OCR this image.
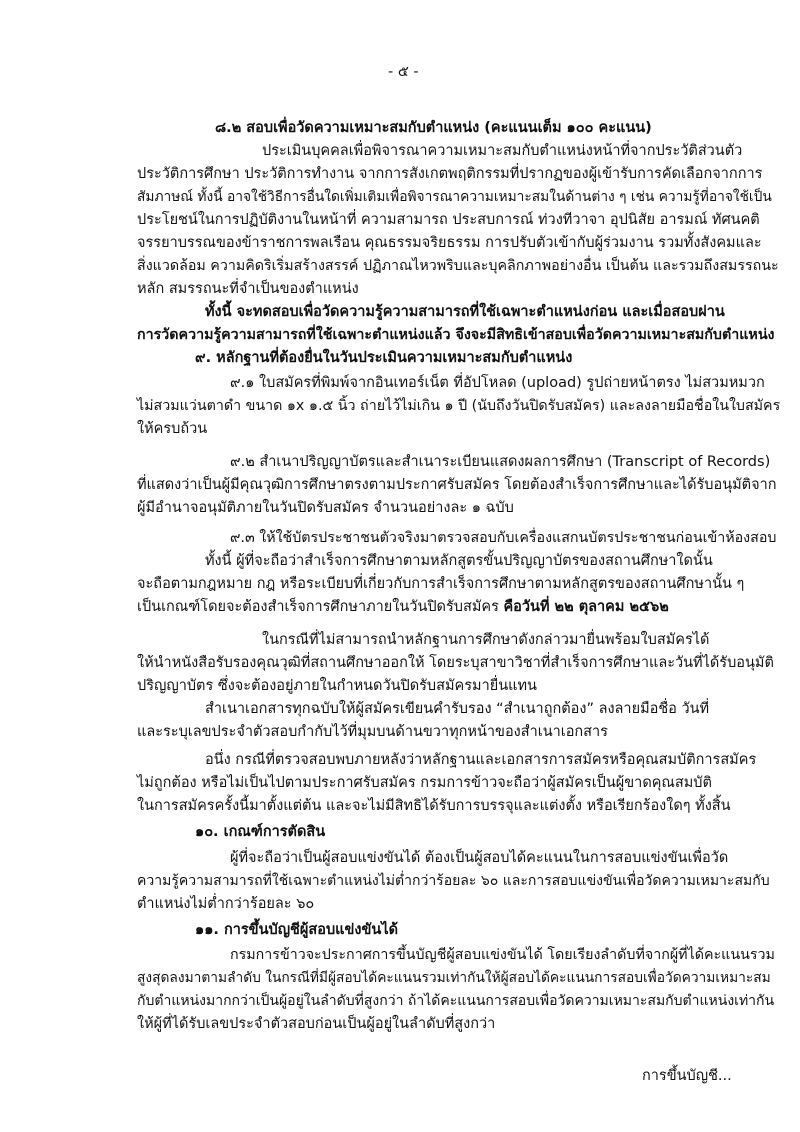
- ๕ -
๘.๒ สอบเพื่อวัดความเหมาะสมกับตำแหน่ง (คะแนนเต็ม ๑๐๐ คะแนน)
ประเมินบุคคลเพื่อพิจารณาความเหมาะสมกับตำแหน่งหน้าที่จากประวัติส่วนตัว
ประวัติการศึกษา ประวัติการทำงาน จากการสังเกตพฤติกรรมที่ปรากฏของผู้เข้ารับการคัดเลือกจากการ
สัมภาษณ์ ทั้งนี้ อาจใช้วิธีการอื่นใดเพิ่มเติมเพื่อพิจารณาความเหมาะสมในด้านต่าง ๆ เช่น ความรู้ที่อาจใช้เป็น
ประโยชน์ในการปฏิบัติงานในหน้าที่ ความสามารถ ประสบการณ์ ท่วงทีวาจา อุปนิสัย อารมณ์ ทัศนคติ
จรรยาบรรณของข้าราชการพลเรือน คุณธรรมจริยธรรม การปรับตัวเข้ากับผู้ร่วมงาน รวมทั้งสังคมและ
สิ่งแวดล้อม ความคิดริเริ่มสร้างสรรค์ ปฏิภาณไหวพริบและบุคลิกภาพอย่างอื่น เป็นต้น และรวมถึงสมรรถนะ
หลัก สมรรถนะที่จำเป็นของตำแหน่ง
ทั้งนี้ จะทดสอบเพื่อวัดความรู้ความสามารถที่ใช้เฉพาะตำแหน่งก่อน และเมื่อสอบผ่าน
การวัดความรู้ความสามารถที่ใช้เฉพาะตำแหน่งแล้ว จึงจะมีสิทธิเข้าสอบเพื่อวัดความเหมาะสมกับตำแหน่ง
๙. หลักฐานที่ต้องยื่นในวันประเมินความเหมาะสมกับตำแหน่ง
๙.๑ ใบสมัครที่พิมพ์จากอินเทอร์เน็ต ที่อัปโหลด (upload) รูปถ่ายหน้าตรง ไม่สวมหมวก
ไม่สวมแว่นตาดำ ขนาด ๑x ๑.๕ นิ้ว ถ่ายไว้ไม่เกิน ๑ ปี (นับถึงวันปิดรับสมัคร) และลงลายมือชื่อในใบสมัคร
ให้ครบถ้วน
๙.๒ สำเนาปริญญาบัตรและสำเนาระเบียนแสดงผลการศึกษา (Transcript of Records)
ที่แสดงว่าเป็นผู้มีคุณวุฒิการศึกษาตรงตามประกาศรับสมัคร โดยต้องสำเร็จการศึกษาและได้รับอนุมัติจาก
ผู้มีอำนาจอนุมัติภายในวันปิดรับสมัคร จำนวนอย่างละ ๑ ฉบับ
๙.๓ ให้ใช้บัตรประชาชนตัวจริงมาตรวจสอบกับเครื่องแสกนบัตรประชาชนก่อนเข้าห้องสอบ
ทั้งนี้ ผู้ที่จะถือว่าสำเร็จการศึกษาตามหลักสูตรขั้นปริญญาบัตรของสถานศึกษาใดนั้น
จะถือตามกฎหมาย กฎ หรือระเบียบที่เกี่ยวกับการสำเร็จการศึกษาตามหลักสูตรของสถานศึกษานั้น ๆ
เป็นเกณฑ์โดยจะต้องสำเร็จการศึกษาภายในวันปิดรับสมัคร คือวันที่ ๒๒ ตุลาคม ๒๕๖๒
ในกรณีที่ไม่สามารถนำหลักฐานการศึกษาดังกล่าวมายื่นพร้อมใบสมัครได้
ให้นำหนังสือรับรองคุณวุฒิที่สถานศึกษาออกให้ โดยระบุสาขาวิชาที่สำเร็จการศึกษาและวันที่ได้รับอนุมัติ
ปริญญาบัตร ซึ่งจะต้องอยู่ภายในกำหนดวันปิดรับสมัครมายื่นแทน
สำเนาเอกสารทุกฉบับให้ผู้สมัครเขียนคำรับรอง “สำเนาถูกต้อง” ลงลายมือชื่อ วันที่
และระบุเลขประจำตัวสอบกำกับไว้ที่มุมบนด้านขวาทุกหน้าของสำเนาเอกสาร
อนึ่ง กรณีที่ตรวจสอบพบภายหลังว่าหลักฐานและเอกสารการสมัครหรือคุณสมบัติการสมัคร
ไม่ถูกต้อง หรือไม่เป็นไปตามประกาศรับสมัคร กรมการข้าวจะถือว่าผู้สมัครเป็นผู้ขาดคุณสมบัติ
ในการสมัครครั้งนี้มาตั้งแต่ต้น และจะไม่มีสิทธิได้รับการบรรจุและแต่งตั้ง หรือเรียกร้องใดๆ ทั้งสิ้น
๑๐. เกณฑ์การตัดสิน
ผู้ที่จะถือว่าเป็นผู้สอบแข่งขันได้ ต้องเป็นผู้สอบได้คะแนนในการสอบแข่งขันเพื่อวัด
ความรู้ความสามารถที่ใช้เฉพาะตำแหน่งไม่ต่ำกว่าร้อยละ ๖๐ และการสอบแข่งขันเพื่อวัดความเหมาะสมกับ
ตำแหน่งไม่ต่ำกว่าร้อยละ ๖๐
๑๑. การขึ้นบัญชีผู้สอบแข่งขันได้
กรมการข้าวจะประกาศการขึ้นบัญชีผู้สอบแข่งขันได้ โดยเรียงลำดับที่จากผู้ที่ได้คะแนนรวม
สูงสุดลงมาตามลำดับ ในกรณีที่มีผู้สอบได้คะแนนรวมเท่ากันให้ผู้สอบได้คะแนนการสอบเพื่อวัดความเหมาะสม
กับตำแหน่งมากกว่าเป็นผู้อยู่ในลำดับที่สูงกว่า ถ้าได้คะแนนการสอบเพื่อวัดความเหมาะสมกับตำแหน่งเท่ากัน
ให้ผู้ที่ได้รับเลขประจำตัวสอบก่อนเป็นผู้อยู่ในลำดับที่สูงกว่า
การขึ้นบัญชี...
